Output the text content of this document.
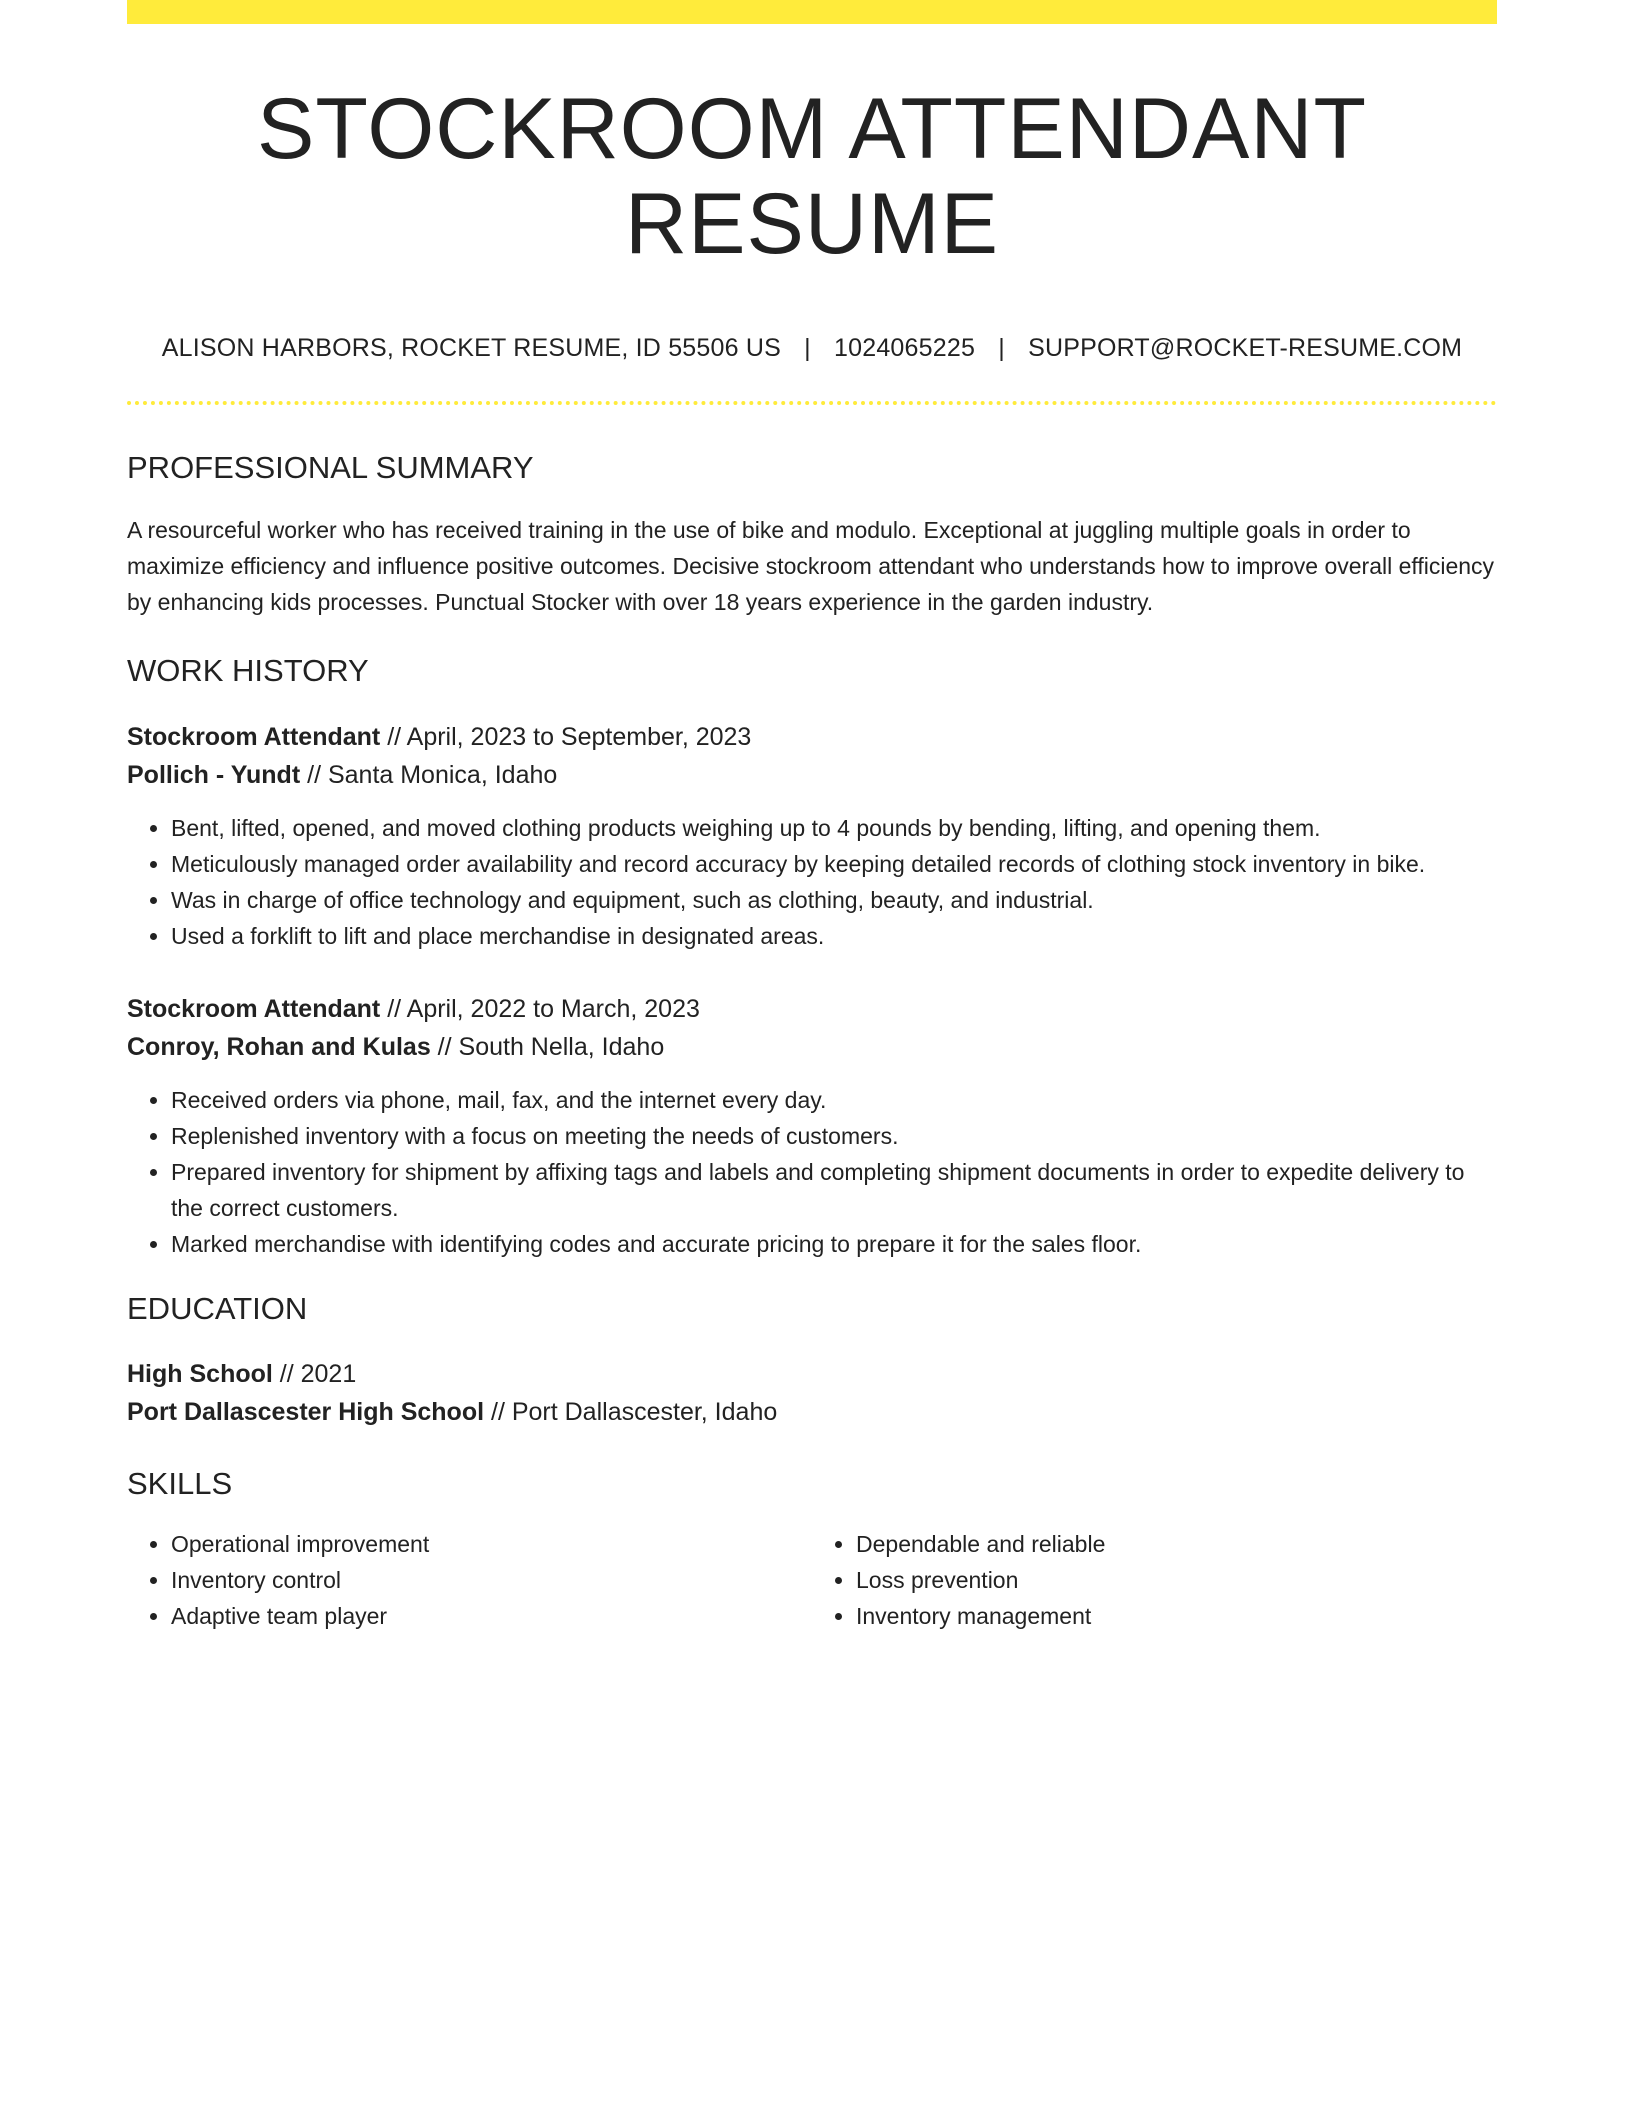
STOCKROOM ATTENDANT RESUME
ALISON HARBORS, ROCKET RESUME, ID 55506 US | 1024065225 | SUPPORT@ROCKET-RESUME.COM
PROFESSIONAL SUMMARY
A resourceful worker who has received training in the use of bike and modulo. Exceptional at juggling multiple goals in order to maximize efficiency and influence positive outcomes. Decisive stockroom attendant who understands how to improve overall efficiency by enhancing kids processes. Punctual Stocker with over 18 years experience in the garden industry.
WORK HISTORY
Stockroom Attendant // April, 2023 to September, 2023
Pollich - Yundt // Santa Monica, Idaho
• Bent, lifted, opened, and moved clothing products weighing up to 4 pounds by bending, lifting, and opening them.
• Meticulously managed order availability and record accuracy by keeping detailed records of clothing stock inventory in bike.
• Was in charge of office technology and equipment, such as clothing, beauty, and industrial.
• Used a forklift to lift and place merchandise in designated areas.
Stockroom Attendant // April, 2022 to March, 2023
Conroy, Rohan and Kulas // South Nella, Idaho
• Received orders via phone, mail, fax, and the internet every day.
• Replenished inventory with a focus on meeting the needs of customers.
• Prepared inventory for shipment by affixing tags and labels and completing shipment documents in order to expedite delivery to the correct customers.
• Marked merchandise with identifying codes and accurate pricing to prepare it for the sales floor.
EDUCATION
High School // 2021
Port Dallascester High School // Port Dallascester, Idaho
SKILLS
• Operational improvement
• Inventory control
• Adaptive team player
• Dependable and reliable
• Loss prevention
• Inventory management
